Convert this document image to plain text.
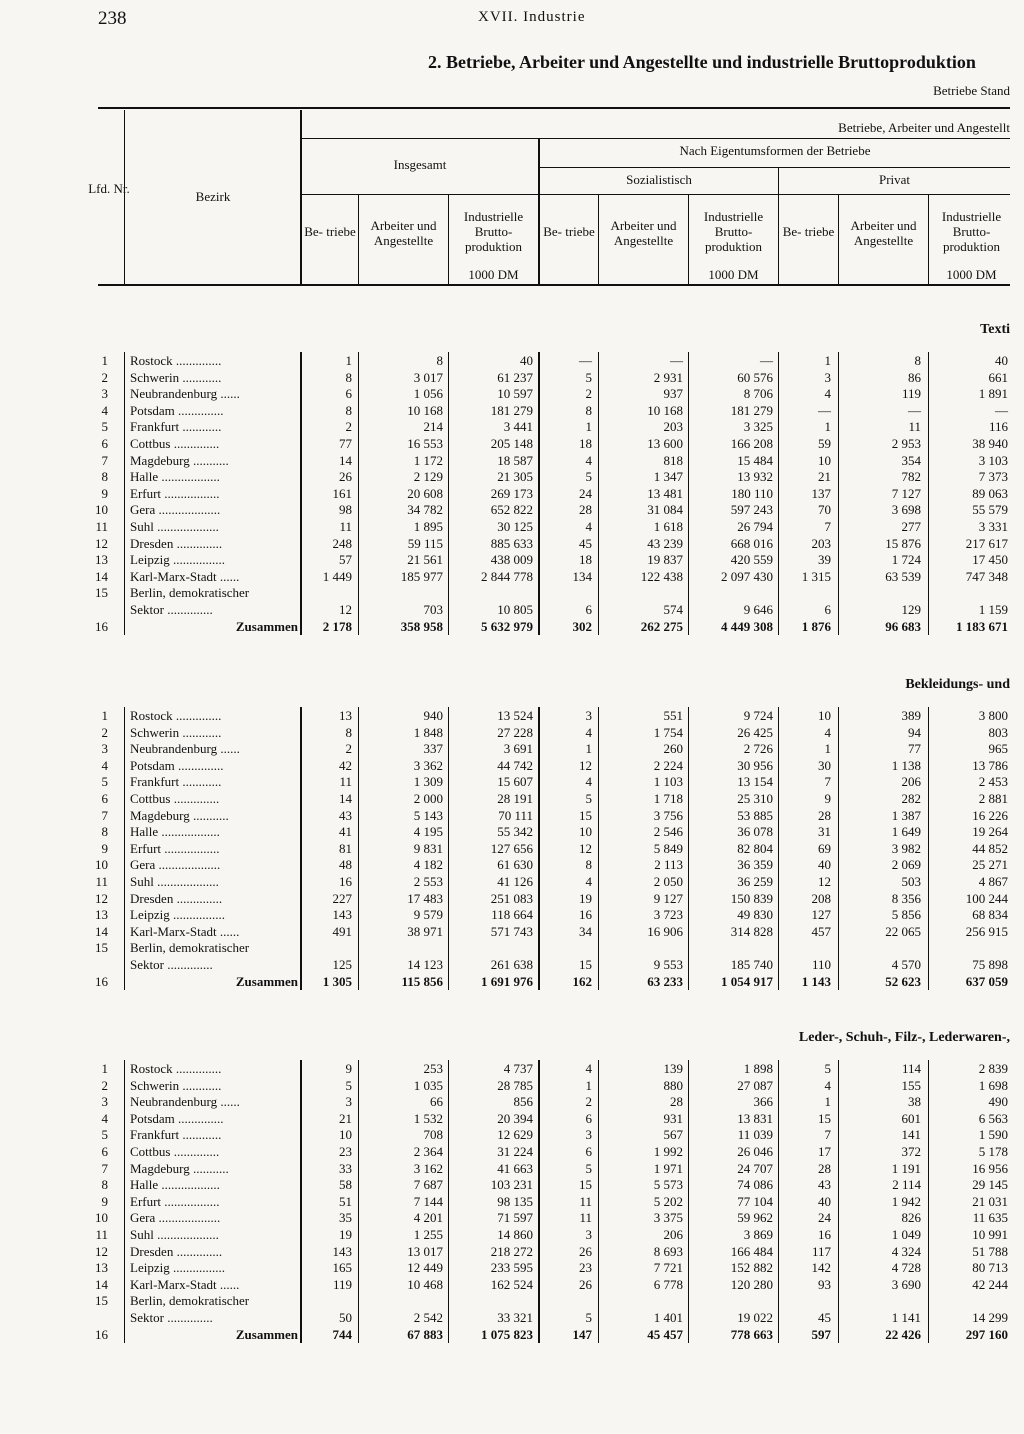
238	XVII. Industrie
2. Betriebe, Arbeiter und Angestellte und industrielle Bruttoproduktion
Betriebe Stand
Lfd. Nr.
Bezirk
Betriebe, Arbeiter und Angestellt
Insgesamt
Nach Eigentumsformen der Betriebe
Sozialistisch	Privat
Be- triebe	Arbeiter und Angestellte
Industrielle Brutto- produktion
1000 DM
Be- triebe	Arbeiter und Angestellte
Industrielle Brutto- produktion
1000 DM
Be- triebe	Arbeiter und Angestellte
Industrielle Brutto- produktion
1000 DM
Texti
1 Rostock ..............	1	8	40	—	—	—	1	8	40
2 Schwerin ............	8	3 017	61 237	5	2 931	60 576	3	86	661
3 Neubrandenburg ......	6	1 056	10 597	2	937	8 706	4	119	1 891
4 Potsdam ..............	8	10 168	181 279	8	10 168	181 279	—	—	—
5 Frankfurt ............	2	214	3 441	1	203	3 325	1	11	116
6 Cottbus ..............	77	16 553	205 148	18	13 600	166 208	59	2 953	38 940
7 Magdeburg ...........	14	1 172	18 587	4	818	15 484	10	354	3 103
8 Halle ..................	26	2 129	21 305	5	1 347	13 932	21	782	7 373
9 Erfurt .................	161	20 608	269 173	24	13 481	180 110	137	7 127	89 063
10 Gera ...................	98	34 782	652 822	28	31 084	597 243	70	3 698	55 579
11 Suhl ...................	11	1 895	30 125	4	1 618	26 794	7	277	3 331
12 Dresden ..............	248	59 115	885 633	45	43 239	668 016	203	15 876	217 617
13 Leipzig ................	57	21 561	438 009	18	19 837	420 559	39	1 724	17 450
14 Karl-Marx-Stadt ......	1 449	185 977	2 844 778	134	122 438	2 097 430	1 315	63 539	747 348
15 Berlin, demokratischer
Sektor ..............	12	703	10 805	6	574	9 646	6	129	1 159
16	Zusammen	2 178	358 958	5 632 979	302	262 275	4 449 308	1 876	96 683	1 183 671
Bekleidungs- und
1 Rostock ..............	13	940	13 524	3	551	9 724	10	389	3 800
2 Schwerin ............	8	1 848	27 228	4	1 754	26 425	4	94	803
3 Neubrandenburg ......	2	337	3 691	1	260	2 726	1	77	965
4 Potsdam ..............	42	3 362	44 742	12	2 224	30 956	30	1 138	13 786
5 Frankfurt ............	11	1 309	15 607	4	1 103	13 154	7	206	2 453
6 Cottbus ..............	14	2 000	28 191	5	1 718	25 310	9	282	2 881
7 Magdeburg ...........	43	5 143	70 111	15	3 756	53 885	28	1 387	16 226
8 Halle ..................	41	4 195	55 342	10	2 546	36 078	31	1 649	19 264
9 Erfurt .................	81	9 831	127 656	12	5 849	82 804	69	3 982	44 852
10 Gera ...................	48	4 182	61 630	8	2 113	36 359	40	2 069	25 271
11 Suhl ...................	16	2 553	41 126	4	2 050	36 259	12	503	4 867
12 Dresden ..............	227	17 483	251 083	19	9 127	150 839	208	8 356	100 244
13 Leipzig ................	143	9 579	118 664	16	3 723	49 830	127	5 856	68 834
14 Karl-Marx-Stadt ......	491	38 971	571 743	34	16 906	314 828	457	22 065	256 915
15 Berlin, demokratischer
Sektor ..............	125	14 123	261 638	15	9 553	185 740	110	4 570	75 898
16	Zusammen	1 305	115 856	1 691 976	162	63 233	1 054 917	1 143	52 623	637 059
Leder-, Schuh-, Filz-, Lederwaren-,
1 Rostock ..............	9	253	4 737	4	139	1 898	5	114	2 839
2 Schwerin ............	5	1 035	28 785	1	880	27 087	4	155	1 698
3 Neubrandenburg ......	3	66	856	2	28	366	1	38	490
4 Potsdam ..............	21	1 532	20 394	6	931	13 831	15	601	6 563
5 Frankfurt ............	10	708	12 629	3	567	11 039	7	141	1 590
6 Cottbus ..............	23	2 364	31 224	6	1 992	26 046	17	372	5 178
7 Magdeburg ...........	33	3 162	41 663	5	1 971	24 707	28	1 191	16 956
8 Halle ..................	58	7 687	103 231	15	5 573	74 086	43	2 114	29 145
9 Erfurt .................	51	7 144	98 135	11	5 202	77 104	40	1 942	21 031
10 Gera ...................	35	4 201	71 597	11	3 375	59 962	24	826	11 635
11 Suhl ...................	19	1 255	14 860	3	206	3 869	16	1 049	10 991
12 Dresden ..............	143	13 017	218 272	26	8 693	166 484	117	4 324	51 788
13 Leipzig ................	165	12 449	233 595	23	7 721	152 882	142	4 728	80 713
14 Karl-Marx-Stadt ......	119	10 468	162 524	26	6 778	120 280	93	3 690	42 244
15 Berlin, demokratischer
Sektor ..............	50	2 542	33 321	5	1 401	19 022	45	1 141	14 299
16	Zusammen	744	67 883	1 075 823	147	45 457	778 663	597	22 426	297 160
